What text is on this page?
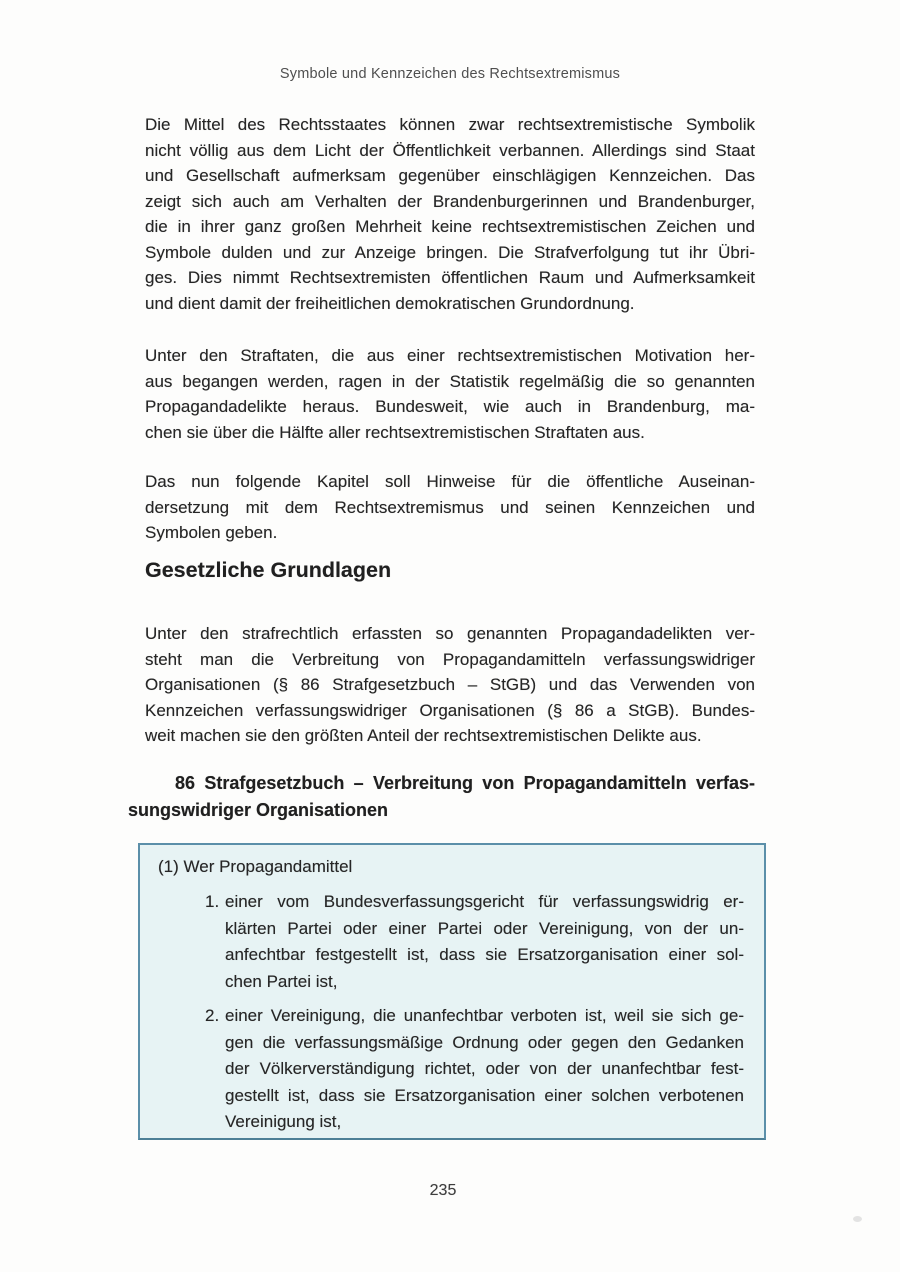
Symbole und Kennzeichen des Rechtsextremismus
Die Mittel des Rechtsstaates können zwar rechtsextremistische Symbolik
nicht völlig aus dem Licht der Öffentlichkeit verbannen. Allerdings sind Staat
und Gesellschaft aufmerksam gegenüber einschlägigen Kennzeichen. Das
zeigt sich auch am Verhalten der Brandenburgerinnen und Brandenburger,
die in ihrer ganz großen Mehrheit keine rechtsextremistischen Zeichen und
Symbole dulden und zur Anzeige bringen. Die Strafverfolgung tut ihr Übri-
ges. Dies nimmt Rechtsextremisten öffentlichen Raum und Aufmerksamkeit
und dient damit der freiheitlichen demokratischen Grundordnung.
Unter den Straftaten, die aus einer rechtsextremistischen Motivation her-
aus begangen werden, ragen in der Statistik regelmäßig die so genannten
Propagandadelikte heraus. Bundesweit, wie auch in Brandenburg, ma-
chen sie über die Hälfte aller rechtsextremistischen Straftaten aus.
Das nun folgende Kapitel soll Hinweise für die öffentliche Auseinan-
dersetzung mit dem Rechtsextremismus und seinen Kennzeichen und
Symbolen geben.
Gesetzliche Grundlagen
Unter den strafrechtlich erfassten so genannten Propagandadelikten ver-
steht man die Verbreitung von Propagandamitteln verfassungswidriger
Organisationen (§ 86 Strafgesetzbuch – StGB) und das Verwenden von
Kennzeichen verfassungswidriger Organisationen (§ 86 a StGB). Bundes-
weit machen sie den größten Anteil der rechtsextremistischen Delikte aus.
86 Strafgesetzbuch – Verbreitung von Propagandamitteln verfas-
sungswidriger Organisationen
(1) Wer Propagandamittel
1. einer vom Bundesverfassungsgericht für verfassungswidrig er-
klärten Partei oder einer Partei oder Vereinigung, von der un-
anfechtbar festgestellt ist, dass sie Ersatzorganisation einer sol-
chen Partei ist,
2. einer Vereinigung, die unanfechtbar verboten ist, weil sie sich ge-
gen die verfassungsmäßige Ordnung oder gegen den Gedanken
der Völkerverständigung richtet, oder von der unanfechtbar fest-
gestellt ist, dass sie Ersatzorganisation einer solchen verbotenen
Vereinigung ist,
235
